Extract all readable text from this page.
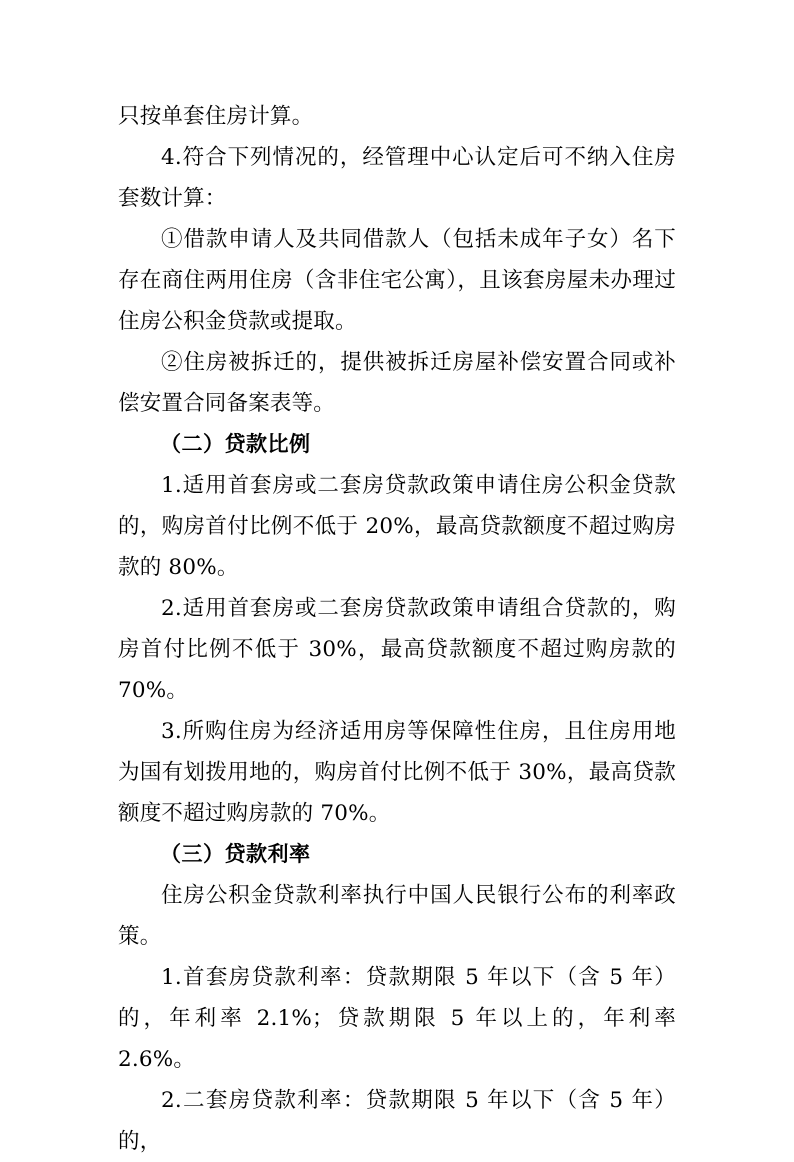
只按单套住房计算。

4.符合下列情况的，经管理中心认定后可不纳入住房套数计算：

①借款申请人及共同借款人（包括未成年子女）名下存在商住两用住房（含非住宅公寓），且该套房屋未办理过住房公积金贷款或提取。

②住房被拆迁的，提供被拆迁房屋补偿安置合同或补偿安置合同备案表等。

（二）贷款比例

1.适用首套房或二套房贷款政策申请住房公积金贷款的，购房首付比例不低于 20%，最高贷款额度不超过购房款的 80%。

2.适用首套房或二套房贷款政策申请组合贷款的，购房首付比例不低于 30%，最高贷款额度不超过购房款的 70%。

3.所购住房为经济适用房等保障性住房，且住房用地为国有划拨用地的，购房首付比例不低于 30%，最高贷款额度不超过购房款的 70%。

（三）贷款利率

住房公积金贷款利率执行中国人民银行公布的利率政策。

1.首套房贷款利率：贷款期限 5 年以下（含 5 年）的，年利率 2.1%；贷款期限 5 年以上的，年利率 2.6%。

2.二套房贷款利率：贷款期限 5 年以下（含 5 年）的，
